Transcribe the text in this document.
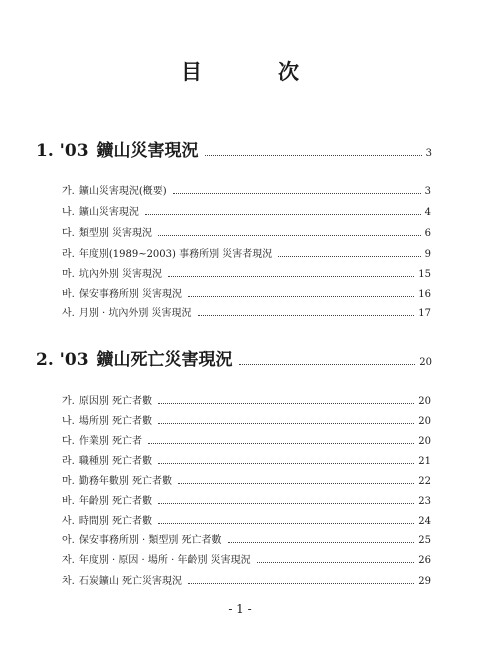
目	次
1. '03 鑛山災害現況	3
가. 鑛山災害現況(槪要)	3
나. 鑛山災害現況	4
다. 類型別 災害現況	6
라. 年度別(1989~2003) 事務所別 災害者現況	9
마. 坑內外別 災害現況	15
바. 保安事務所別 災害現況	16
사. 月別 · 坑內外別 災害現況	17
2. '03 鑛山死亡災害現況	20
가. 原因別 死亡者數	20
나. 場所別 死亡者數	20
다. 作業別 死亡者	20
라. 職種別 死亡者數	21
마. 勤務年數別 死亡者數	22
바. 年齡別 死亡者數	23
사. 時間別 死亡者數	24
아. 保安事務所別 · 類型別 死亡者數	25
자. 年度別 · 原因 · 場所 · 年齡別 災害現況	26
차. 石炭鑛山 死亡災害現況	29
- 1 -
